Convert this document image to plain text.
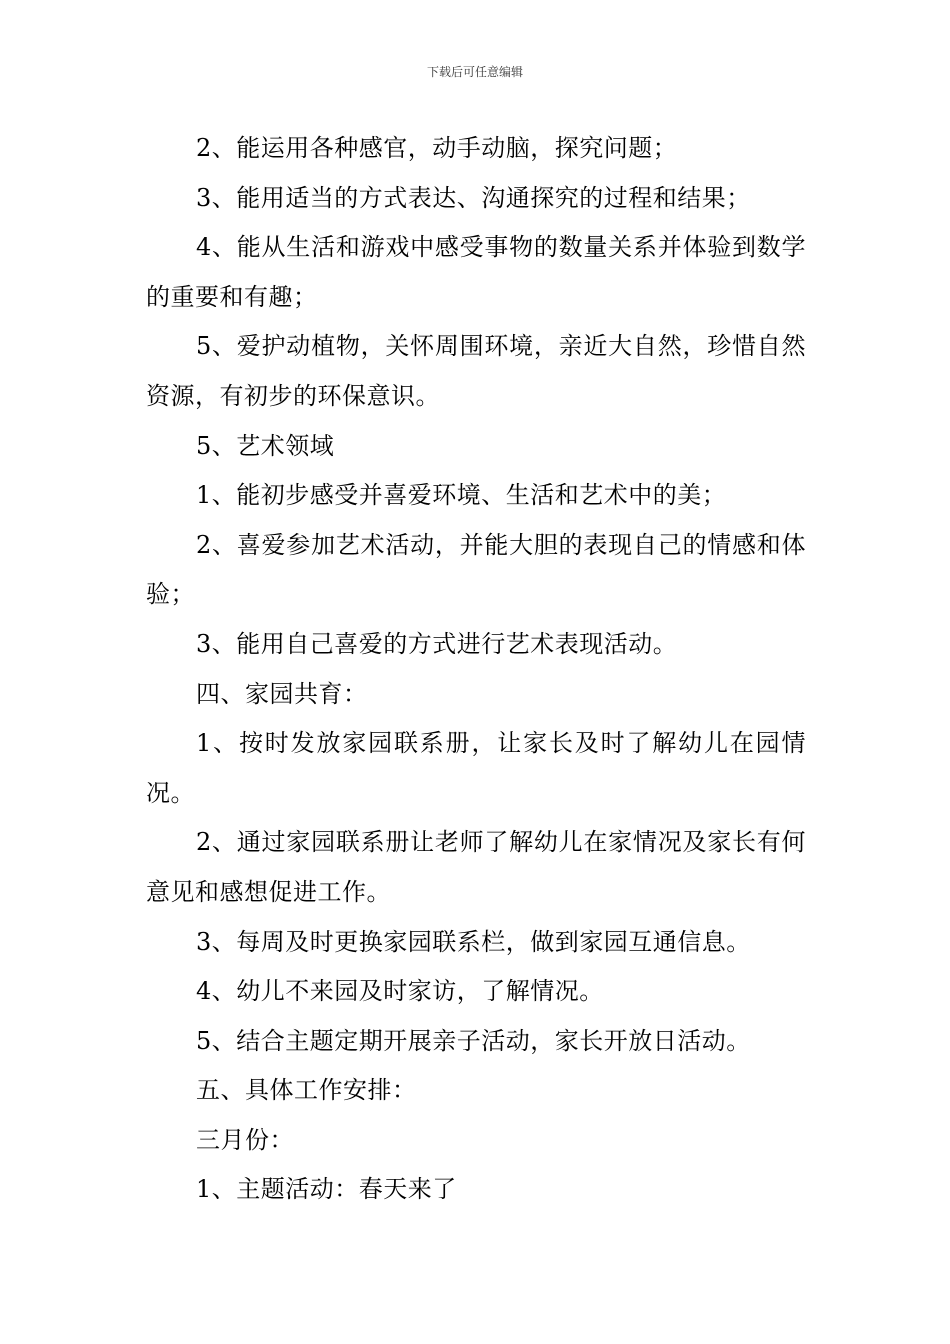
下载后可任意编辑

2、能运用各种感官，动手动脑，探究问题；

3、能用适当的方式表达、沟通探究的过程和结果；

4、能从生活和游戏中感受事物的数量关系并体验到数学的重要和有趣；

5、爱护动植物，关怀周围环境，亲近大自然，珍惜自然资源，有初步的环保意识。

5、艺术领域

1、能初步感受并喜爱环境、生活和艺术中的美；

2、喜爱参加艺术活动，并能大胆的表现自己的情感和体验；

3、能用自己喜爱的方式进行艺术表现活动。

四、家园共育：

1、按时发放家园联系册，让家长及时了解幼儿在园情况。

2、通过家园联系册让老师了解幼儿在家情况及家长有何意见和感想促进工作。

3、每周及时更换家园联系栏，做到家园互通信息。

4、幼儿不来园及时家访，了解情况。

5、结合主题定期开展亲子活动，家长开放日活动。

五、具体工作安排：

三月份：

1、主题活动：春天来了
